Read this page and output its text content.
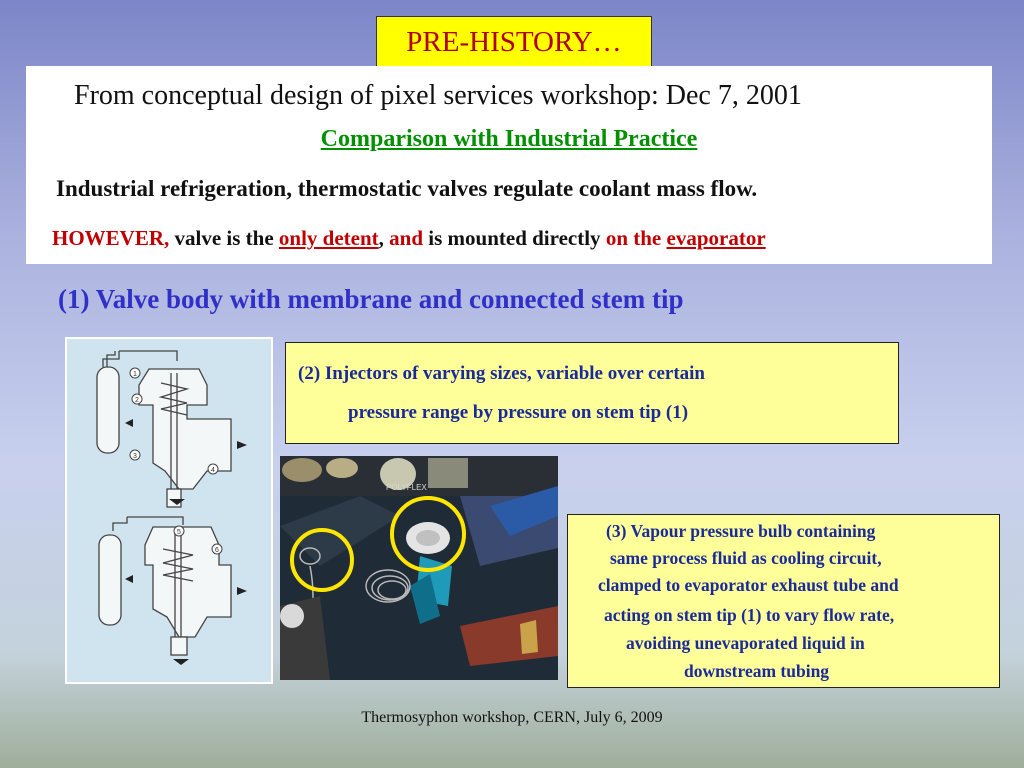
PRE-HISTORY…
From conceptual design of pixel services workshop: Dec 7, 2001
Comparison with Industrial Practice
Industrial refrigeration, thermostatic valves regulate coolant mass flow.
HOWEVER, valve is the only detent, and is mounted directly on the evaporator
(1) Valve body with membrane and connected stem tip
1
2
3
4
5
6
(2) Injectors of varying sizes, variable over certain
pressure range by pressure on stem tip (1)
POLYFLEX
(3) Vapour pressure bulb containing
same process fluid as cooling circuit,
clamped to evaporator exhaust tube and
acting on stem tip (1) to vary flow rate,
avoiding unevaporated liquid in
downstream tubing
Thermosyphon workshop, CERN, July 6, 2009
